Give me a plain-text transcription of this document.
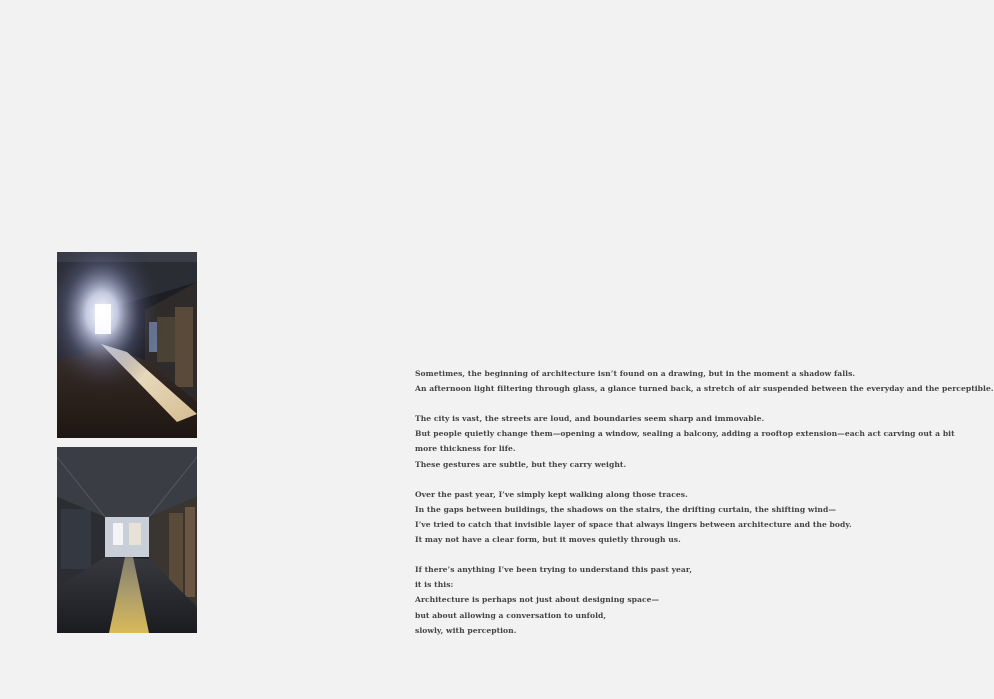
Sometimes, the beginning of architecture isn’t found on a drawing, but in the moment a shadow falls.
An afternoon light filtering through glass, a glance turned back, a stretch of air suspended between the everyday and the perceptible.

The city is vast, the streets are loud, and boundaries seem sharp and immovable.
But people quietly change them—opening a window, sealing a balcony, adding a rooftop extension—each act carving out a bit more thickness for life.
These gestures are subtle, but they carry weight.

Over the past year, I’ve simply kept walking along those traces.
In the gaps between buildings, the shadows on the stairs, the drifting curtain, the shifting wind—
I’ve tried to catch that invisible layer of space that always lingers between architecture and the body.
It may not have a clear form, but it moves quietly through us.

If there’s anything I’ve been trying to understand this past year,
it is this:
Architecture is perhaps not just about designing space—
but about allowing a conversation to unfold,
slowly, with perception.
